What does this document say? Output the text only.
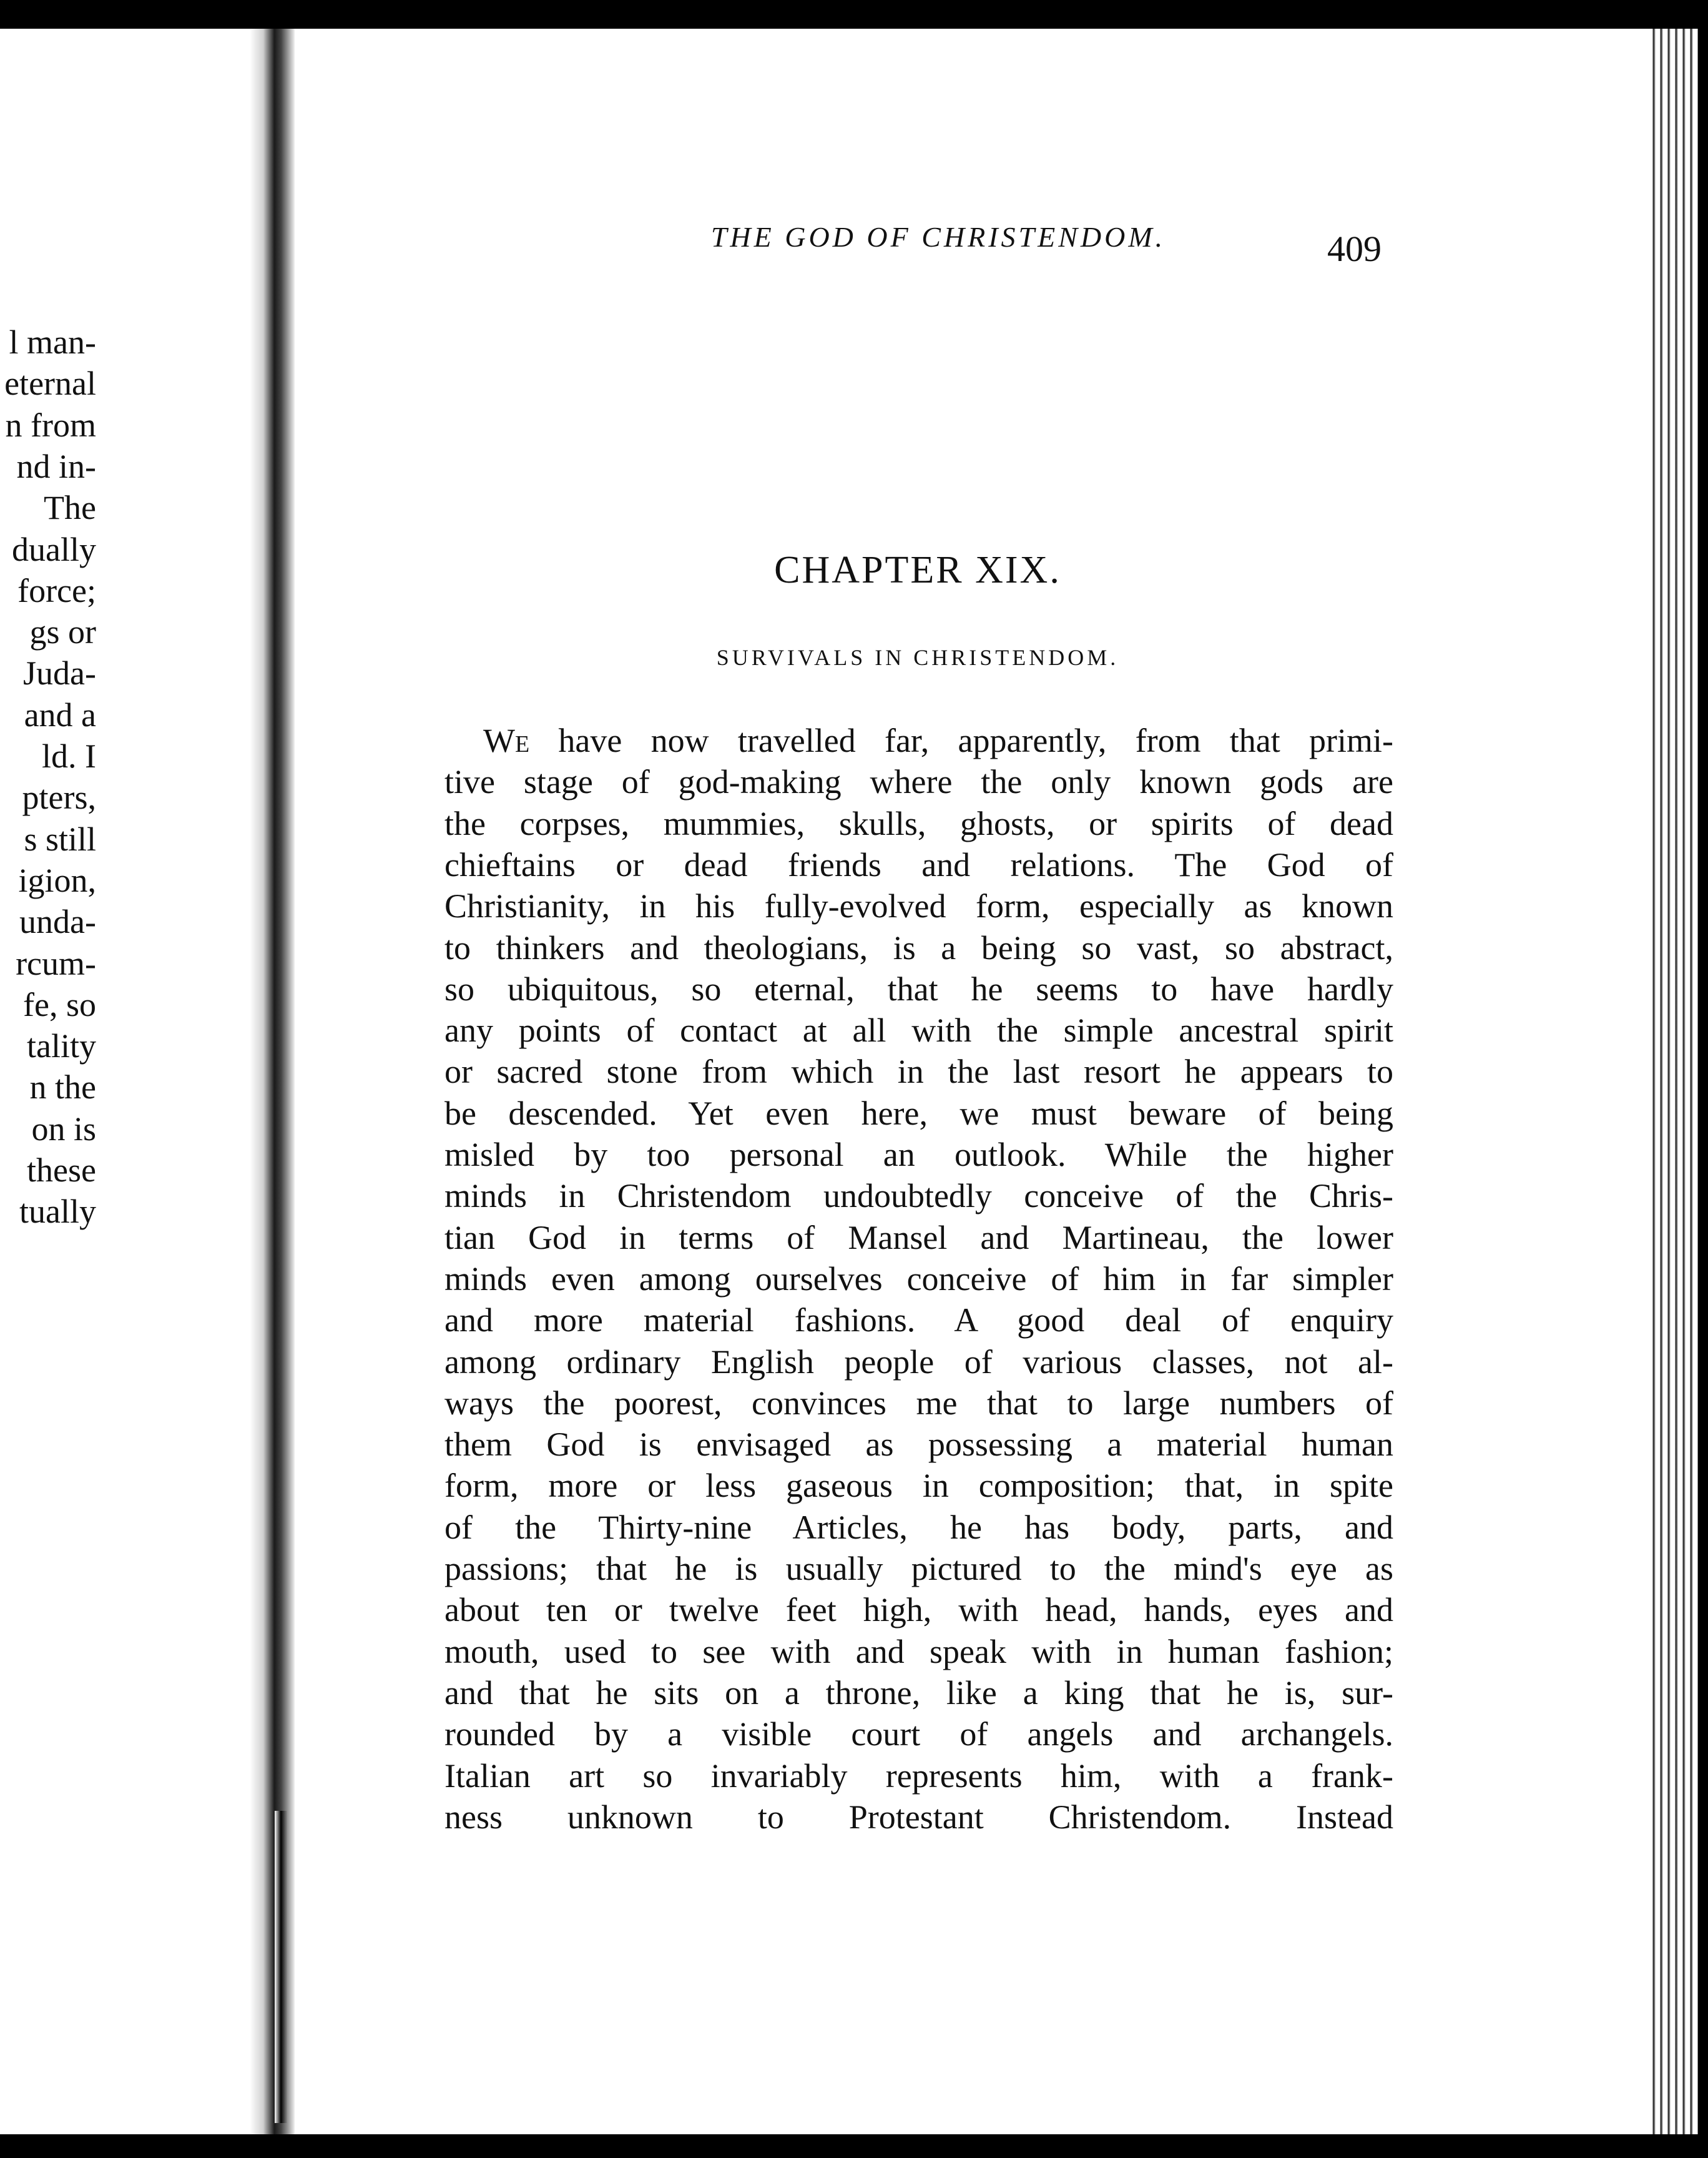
l man-
eternal
n from
nd in-
The
dually
force;
gs or
Juda-
and a
ld. I
pters,
s still
igion,
unda-
rcum-
fe, so
tality
n the
on is
these
tually
THE GOD OF CHRISTENDOM.	409
CHAPTER XIX.
SURVIVALS IN CHRISTENDOM.
We have now travelled far, apparently, from that primi-
tive stage of god-making where the only known gods are
the corpses, mummies, skulls, ghosts, or spirits of dead
chieftains or dead friends and relations. The God of
Christianity, in his fully-evolved form, especially as known
to thinkers and theologians, is a being so vast, so abstract,
so ubiquitous, so eternal, that he seems to have hardly
any points of contact at all with the simple ancestral spirit
or sacred stone from which in the last resort he appears to
be descended. Yet even here, we must beware of being
misled by too personal an outlook. While the higher
minds in Christendom undoubtedly conceive of the Chris-
tian God in terms of Mansel and Martineau, the lower
minds even among ourselves conceive of him in far simpler
and more material fashions. A good deal of enquiry
among ordinary English people of various classes, not al-
ways the poorest, convinces me that to large numbers of
them God is envisaged as possessing a material human
form, more or less gaseous in composition; that, in spite
of the Thirty-nine Articles, he has body, parts, and
passions; that he is usually pictured to the mind's eye as
about ten or twelve feet high, with head, hands, eyes and
mouth, used to see with and speak with in human fashion;
and that he sits on a throne, like a king that he is, sur-
rounded by a visible court of angels and archangels.
Italian art so invariably represents him, with a frank-
ness unknown to Protestant Christendom. Instead
